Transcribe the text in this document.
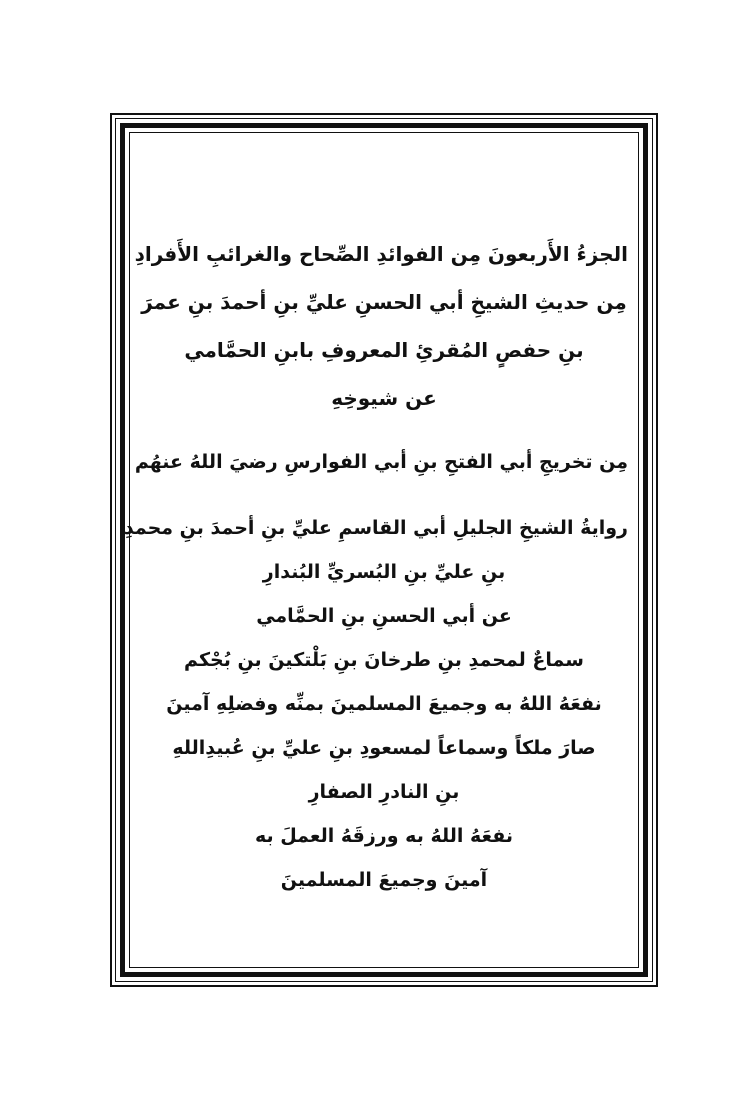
الجزءُ الأَربعونَ مِن الفوائدِ الصِّحاح والغرائبِ الأَفرادِ
مِن حديثِ الشيخِ أبي الحسنِ عليِّ بنِ أحمدَ بنِ عمرَ
بنِ حفصٍ المُقرئِ المعروفِ بابنِ الحمَّامي
عن شيوخِهِ
مِن تخريجِ أبي الفتحِ بنِ أبي الفوارسِ رضيَ اللهُ عنهُم
روايةُ الشيخِ الجليلِ أبي القاسمِ عليِّ بنِ أحمدَ بنِ محمدِ
بنِ عليِّ بنِ البُسريِّ البُندارِ
عن أبي الحسنِ بنِ الحمَّامي
سماعٌ لمحمدِ بنِ طرخانَ بنِ بَلْتكينَ بنِ بُجْكم
نفعَهُ اللهُ به وجميعَ المسلمينَ بمنِّه وفضلِهِ آمينَ
صارَ ملكاً وسماعاً لمسعودِ بنِ عليِّ بنِ عُبيدِاللهِ
بنِ النادرِ الصفارِ
نفعَهُ اللهُ به ورزقَهُ العملَ به
آمينَ وجميعَ المسلمينَ
